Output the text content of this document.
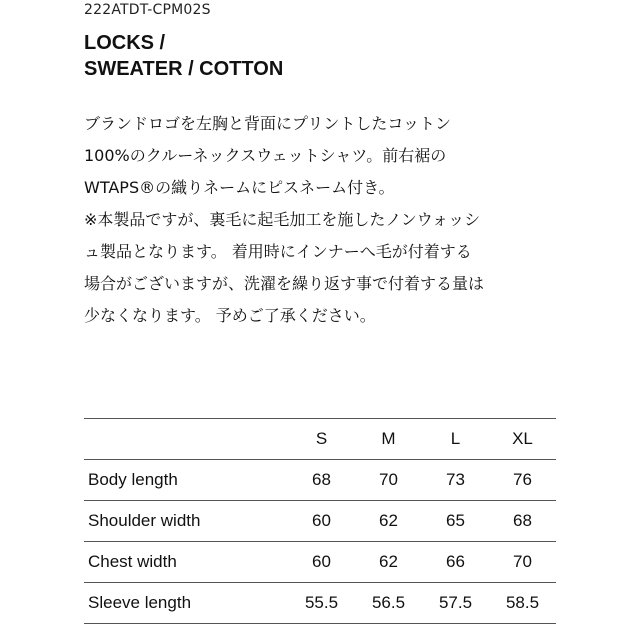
222ATDT-CPM02S
LOCKS /
SWEATER / COTTON
ブランドロゴを左胸と背面にプリントしたコットン
100%のクルーネックスウェットシャツ。前右裾の
WTAPS®の織りネームにピスネーム付き。
※本製品ですが、裏毛に起毛加工を施したノンウォッシ
ュ製品となります。 着用時にインナーへ毛が付着する
場合がございますが、洗濯を繰り返す事で付着する量は
少なくなります。 予めご了承ください。
	S	M	L	XL
Body length	68	70	73	76
Shoulder width	60	62	65	68
Chest width	60	62	66	70
Sleeve length	55.5	56.5	57.5	58.5
